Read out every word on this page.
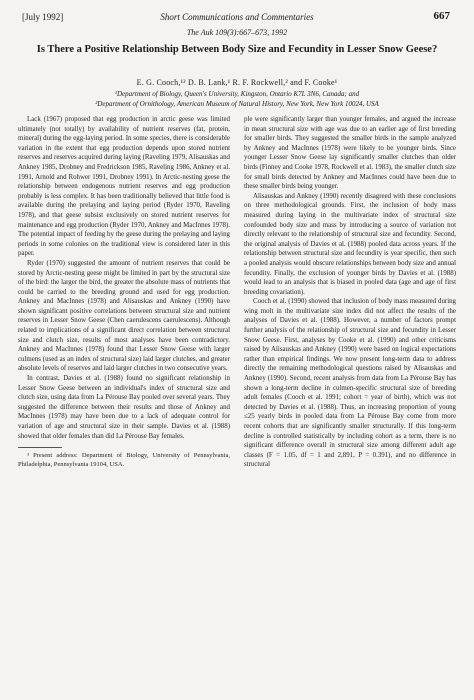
[July 1992]	Short Communications and Commentaries	667
The Auk 109(3):667–673, 1992
Is There a Positive Relationship Between Body Size and Fecundity in Lesser Snow Geese?
E. G. Cooch,¹² D. B. Lank,¹ R. F. Rockwell,² and F. Cooke¹
¹Department of Biology, Queen's University, Kingston, Ontario K7L 3N6, Canada; and
²Department of Ornithology, American Museum of Natural History, New York, New York 10024, USA

Lack (1967) proposed that egg production in arctic geese was limited ultimately (not totally) by availability of nutrient reserves (fat, protein, mineral) during the egg-laying period. In some species, there is considerable variation in the extent that egg production depends upon stored nutrient reserves and reserves acquired during laying (Raveling 1979, Alisauskas and Ankney 1985, Drobney and Fredrickson 1985, Raveling 1986, Ankney et al. 1991, Arnold and Rohwer 1991, Drobney 1991). In Arctic-nesting geese the relationship between endogenous nutrient reserves and egg production probably is less complex. It has been traditionally believed that little food is available during the prelaying and laying period (Ryder 1970, Raveling 1978), and that geese subsist exclusively on stored nutrient reserves for maintenance and egg production (Ryder 1970, Ankney and MacInnes 1978). The potential impact of feeding by the geese during the prelaying and laying periods in some colonies on the traditional view is considered later in this paper.

Ryder (1970) suggested the amount of nutrient reserves that could be stored by Arctic-nesting geese might be limited in part by the structural size of the bird: the larger the bird, the greater the absolute mass of nutrients that could be carried to the breeding ground and used for egg production. Ankney and MacInnes (1978) and Alisauskas and Ankney (1990) have shown significant positive correlations between structural size and nutrient reserves in Lesser Snow Geese (Chen caerulescens caerulescens). Although related to implications of a significant direct correlation between structural size and clutch size, results of most analyses have been contradictory. Ankney and MacInnes (1978) found that Lesser Snow Geese with larger culmens (used as an index of structural size) laid larger clutches, and greater absolute levels of reserves and laid larger clutches in two consecutive years.

In contrast, Davies et al. (1988) found no significant relationship in Lesser Snow Geese between an individual's index of structural size and clutch size, using data from La Pérouse Bay pooled over several years. They suggested the difference between their results and those of Ankney and MacInnes (1978) may have been due to a lack of adequate control for variation of age and structural size in their sample. Davies et al. (1988) showed that older females than did La Pérouse Bay females.

³ Present address: Department of Biology, University of Pennsylvania, Philadelphia, Pennsylvania 19104, USA.

ple were significantly larger than younger females, and argued the increase in mean structural size with age was due to an earlier age of first breeding for smaller birds. They suggested the smaller birds in the sample analyzed by Ankney and MacInnes (1978) were likely to be younger birds. Since younger Lesser Snow Geese lay significantly smaller clutches than older birds (Finney and Cooke 1978, Rockwell et al. 1983), the smaller clutch size for small birds detected by Ankney and MacInnes could have been due to these smaller birds being younger.

Alisauskas and Ankney (1990) recently disagreed with these conclusions on three methodological grounds. First, the inclusion of body mass measured during laying in the multivariate index of structural size confounded body size and mass by introducing a source of variation not directly relevant to the relationship of structural size and fecundity. Second, the original analysis of Davies et al. (1988) pooled data across years. If the relationship between structural size and fecundity is year specific, then such a pooled analysis would obscure relationships between body size and annual fecundity. Finally, the exclusion of younger birds by Davies et al. (1988) would lead to an analysis that is biased in pooled data (age and age of first breeding covariation).

Cooch et al. (1990) showed that inclusion of body mass measured during wing molt in the multivariate size index did not affect the results of the analyses of Davies et al. (1988). However, a number of factors prompt further analysis of the relationship of structural size and fecundity in Lesser Snow Geese. First, analyses by Cooke et al. (1990) and other criticisms raised by Alisauskas and Ankney (1990) were based on logical expectations rather than empirical findings. We now present long-term data to address directly the remaining methodological questions raised by Alisauskas and Ankney (1990). Second, recent analysis from data from La Pérouse Bay has shown a long-term decline in culmen-specific structural size of breeding adult females (Cooch et al. 1991; cohort = year of birth), which was not detected by Davies et al. (1988). Thus, an increasing proportion of young ≤25 yearly birds in pooled data from La Pérouse Bay come from more recent cohorts that are significantly smaller structurally. If this long-term decline is controlled statistically by including cohort as a term, there is no significant difference overall in structural size among different adult age classes (F = 1.05, df = 1 and 2,891, P = 0.391), and no difference in structural
